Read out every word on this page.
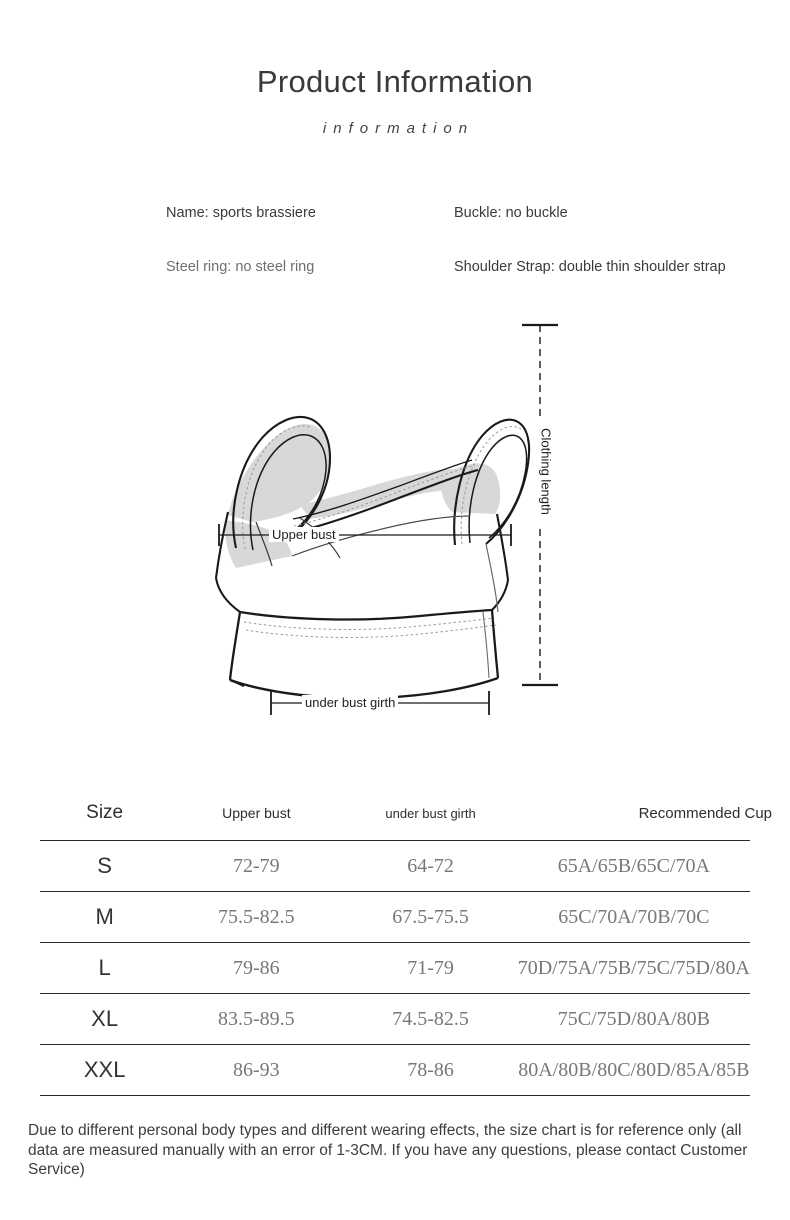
Product Information
information
Name: sports brassiere	Buckle: no buckle
Steel ring: no steel ring	Shoulder Strap: double thin shoulder strap
Upper bust
under bust girth
Clothing length
Size	Upper bust	under bust girth	Recommended Cup
S	72-79	64-72	65A/65B/65C/70A
M	75.5-82.5	67.5-75.5	65C/70A/70B/70C
L	79-86	71-79	70D/75A/75B/75C/75D/80A
XL	83.5-89.5	74.5-82.5	75C/75D/80A/80B
XXL	86-93	78-86	80A/80B/80C/80D/85A/85B
Due to different personal body types and different wearing effects, the size chart is for reference only (all data are measured manually with an error of 1-3CM. If you have any questions, please contact Customer Service)
